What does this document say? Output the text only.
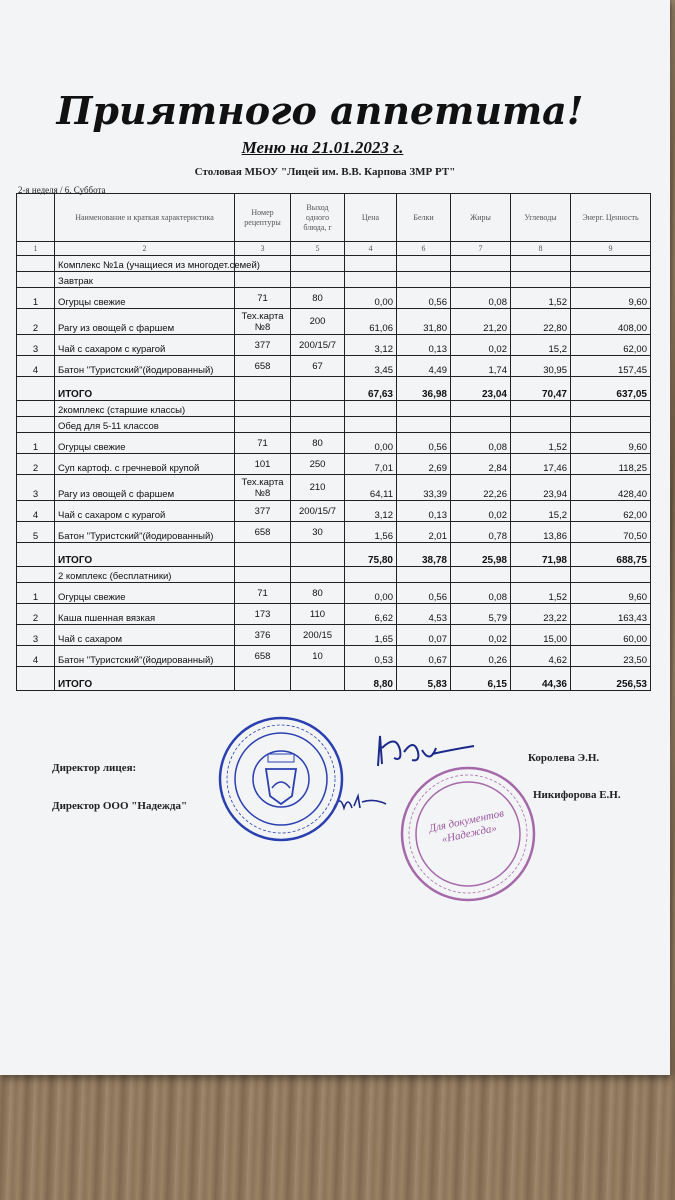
Приятного аппетита!
Меню на 21.01.2023 г.
Столовая МБОУ "Лицей им. В.В. Карпова ЗМР РТ"
2-я неделя / 6. Суббота
	Наименование и краткая характеристика	Номер рецептуры	Выход одного блюда, г	Цена	Белки	Жиры	Углеводы	Энерг. Ценность
1	2	3	5	4	6	7	8	9
	Комплекс №1а (учащиеся из многодет.семей)							
	Завтрак							
1	Огурцы свежие	71	80	0,00	0,56	0,08	1,52	9,60
2	Рагу из овощей с фаршем	Тех.карта №8	200	61,06	31,80	21,20	22,80	408,00
3	Чай с сахаром с курагой	377	200/15/7	3,12	0,13	0,02	15,2	62,00
4	Батон "Туристский"(йодированный)	658	67	3,45	4,49	1,74	30,95	157,45
	ИТОГО			67,63	36,98	23,04	70,47	637,05
	2комплекс (старшие классы)							
	Обед для 5-11 классов							
1	Огурцы свежие	71	80	0,00	0,56	0,08	1,52	9,60
2	Суп картоф. с гречневой крупой	101	250	7,01	2,69	2,84	17,46	118,25
3	Рагу из овощей с фаршем	Тех.карта №8	210	64,11	33,39	22,26	23,94	428,40
4	Чай с сахаром с курагой	377	200/15/7	3,12	0,13	0,02	15,2	62,00
5	Батон "Туристский"(йодированный)	658	30	1,56	2,01	0,78	13,86	70,50
	ИТОГО			75,80	38,78	25,98	71,98	688,75
	2 комплекс (бесплатники)							
1	Огурцы свежие	71	80	0,00	0,56	0,08	1,52	9,60
2	Каша пшенная вязкая	173	110	6,62	4,53	5,79	23,22	163,43
3	Чай с сахаром	376	200/15	1,65	0,07	0,02	15,00	60,00
4	Батон "Туристский"(йодированный)	658	10	0,53	0,67	0,26	4,62	23,50
	ИТОГО			8,80	5,83	6,15	44,36	256,53
Директор лицея:
Королева Э.Н.
Директор ООО "Надежда"
Никифорова Е.Н.
Для документов «Надежда»
